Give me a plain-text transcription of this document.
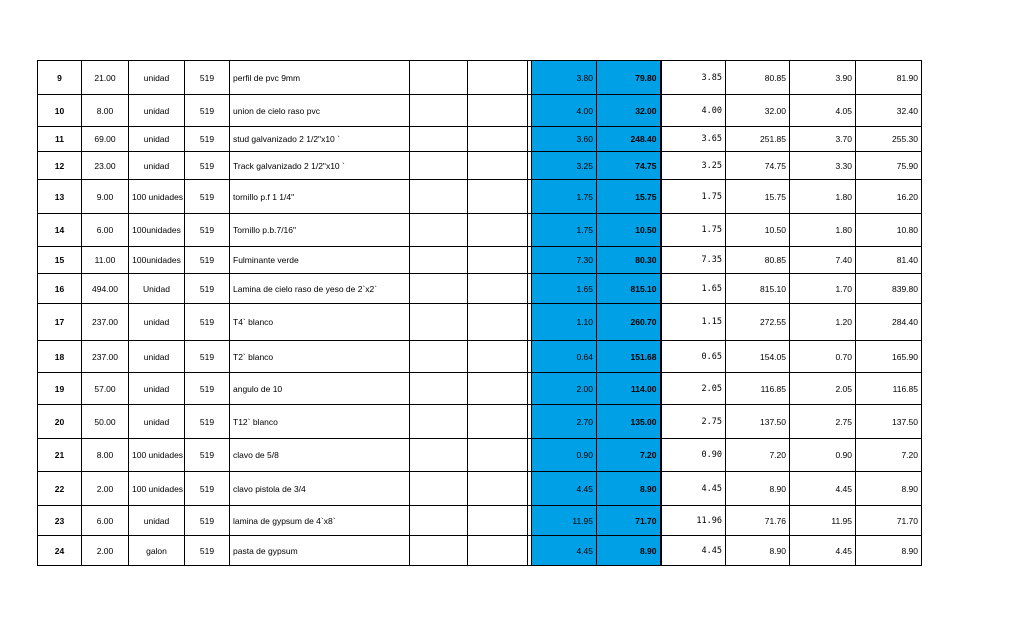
9	21.00	unidad	519	perfil de pvc 9mm				3.80	79.80	3.85	80.85	3.90	81.90
10	8.00	unidad	519	union de cielo raso pvc				4.00	32.00	4.00	32.00	4.05	32.40
11	69.00	unidad	519	stud galvanizado 2 1/2"x10 `				3.60	248.40	3.65	251.85	3.70	255.30
12	23.00	unidad	519	Track galvanizado 2 1/2"x10 `				3.25	74.75	3.25	74.75	3.30	75.90
13	9.00	100 unidades	519	tornillo p.f 1 1/4"				1.75	15.75	1.75	15.75	1.80	16.20
14	6.00	100unidades	519	Tornillo p.b.7/16"				1.75	10.50	1.75	10.50	1.80	10.80
15	11.00	100unidades	519	Fulminante verde				7.30	80.30	7.35	80.85	7.40	81.40
16	494.00	Unidad	519	Lamina de cielo raso de yeso de 2`x2`				1.65	815.10	1.65	815.10	1.70	839.80
17	237.00	unidad	519	T4` blanco				1.10	260.70	1.15	272.55	1.20	284.40
18	237.00	unidad	519	T2` blanco				0.64	151.68	0.65	154.05	0.70	165.90
19	57.00	unidad	519	angulo de 10				2.00	114.00	2.05	116.85	2.05	116.85
20	50.00	unidad	519	T12` blanco				2.70	135.00	2.75	137.50	2.75	137.50
21	8.00	100 unidades	519	clavo de 5/8				0.90	7.20	0.90	7.20	0.90	7.20
22	2.00	100 unidades	519	clavo pistola de 3/4				4.45	8.90	4.45	8.90	4.45	8.90
23	6.00	unidad	519	lamina de gypsum de 4`x8`				11.95	71.70	11.96	71.76	11.95	71.70
24	2.00	galon	519	pasta de gypsum				4.45	8.90	4.45	8.90	4.45	8.90
